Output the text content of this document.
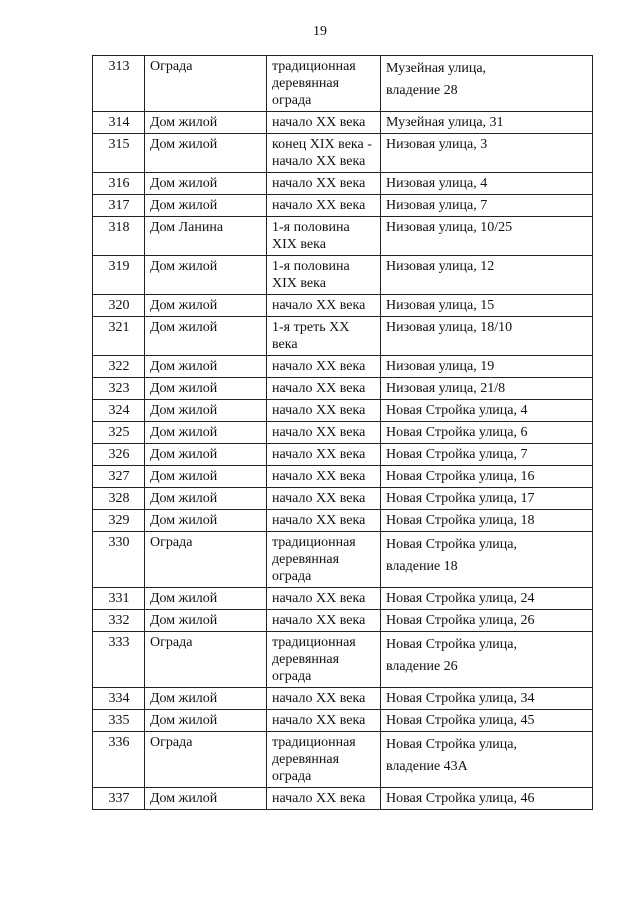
19
313	Ограда	традиционная деревянная ограда	Музейная улица,
владение 28

314	Дом жилой	начало XX века	Музейная улица, 31

315	Дом жилой	конец XIX века - начало XX века	Низовая улица, 3

316	Дом жилой	начало XX века	Низовая улица, 4

317	Дом жилой	начало XX века	Низовая улица, 7

318	Дом Ланина	1-я половина XIX века	Низовая улица, 10/25

319	Дом жилой	1-я половина XIX века	Низовая улица, 12

320	Дом жилой	начало XX века	Низовая улица, 15

321	Дом жилой	1-я треть XX века	Низовая улица, 18/10

322	Дом жилой	начало XX века	Низовая улица, 19

323	Дом жилой	начало XX века	Низовая улица, 21/8

324	Дом жилой	начало XX века	Новая Стройка улица, 4

325	Дом жилой	начало XX века	Новая Стройка улица, 6

326	Дом жилой	начало XX века	Новая Стройка улица, 7

327	Дом жилой	начало XX века	Новая Стройка улица, 16

328	Дом жилой	начало XX века	Новая Стройка улица, 17

329	Дом жилой	начало XX века	Новая Стройка улица, 18

330	Ограда	традиционная деревянная ограда	Новая Стройка улица,
владение 18

331	Дом жилой	начало XX века	Новая Стройка улица, 24

332	Дом жилой	начало XX века	Новая Стройка улица, 26

333	Ограда	традиционная деревянная ограда	Новая Стройка улица,
владение 26

334	Дом жилой	начало XX века	Новая Стройка улица, 34

335	Дом жилой	начало XX века	Новая Стройка улица, 45

336	Ограда	традиционная деревянная ограда	Новая Стройка улица,
владение 43А

337	Дом жилой	начало XX века	Новая Стройка улица, 46
